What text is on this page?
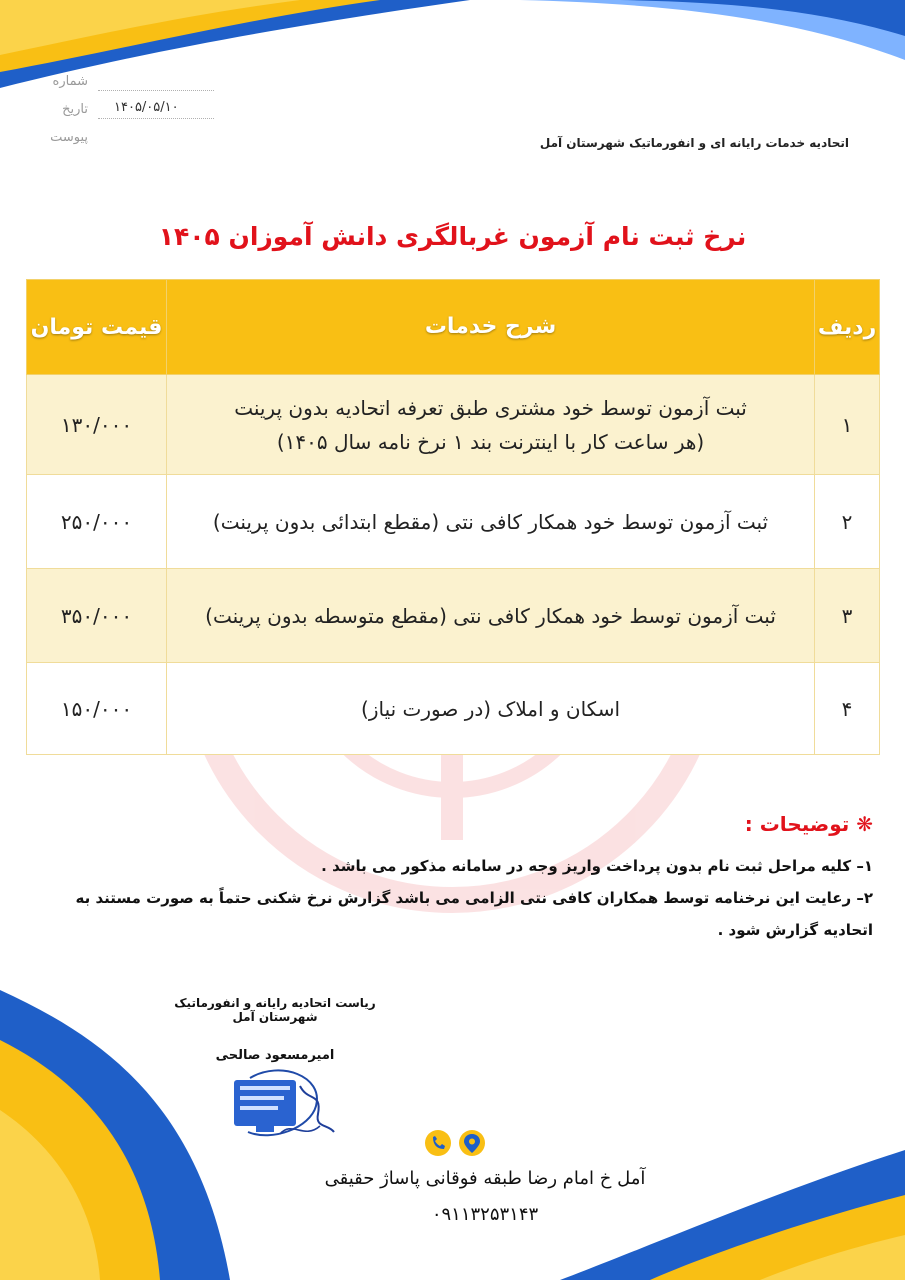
شماره
تاریخ ۱۴۰۵/۰۵/۱۰
پیوست	اتحادیه خدمات رایانه ای و انفورماتیک شهرستان آمل
نرخ ثبت نام آزمون غربالگری دانش آموزان ۱۴۰۵
ردیف	شرح خدمات	قیمت تومان
۱	ثبت آزمون توسط خود مشتری طبق تعرفه اتحادیه بدون پرینت
(هر ساعت کار با اینترنت بند ۱ نرخ نامه سال ۱۴۰۵)	۱۳۰/۰۰۰
۲	ثبت آزمون توسط خود همکار کافی نتی (مقطع ابتدائی بدون پرینت)	۲۵۰/۰۰۰
۳	ثبت آزمون توسط خود همکار کافی نتی (مقطع متوسطه بدون پرینت)	۳۵۰/۰۰۰
۴	اسکان و املاک (در صورت نیاز)	۱۵۰/۰۰۰
❋ توضیحات :
۱– کلیه مراحل ثبت نام بدون پرداخت واریز وجه در سامانه مذکور می باشد .
۲– رعایت این نرخنامه توسط همکاران کافی نتی الزامی می باشد گزارش نرخ شکنی حتماً به صورت مستند به اتحادیه گزارش شود .
ریاست اتحادیه رایانه و انفورماتیک شهرستان آمل
امیرمسعود صالحی
آمل خ امام رضا طبقه فوقانی پاساژ حقیقی
۰۹۱۱۳۲۵۳۱۴۳
